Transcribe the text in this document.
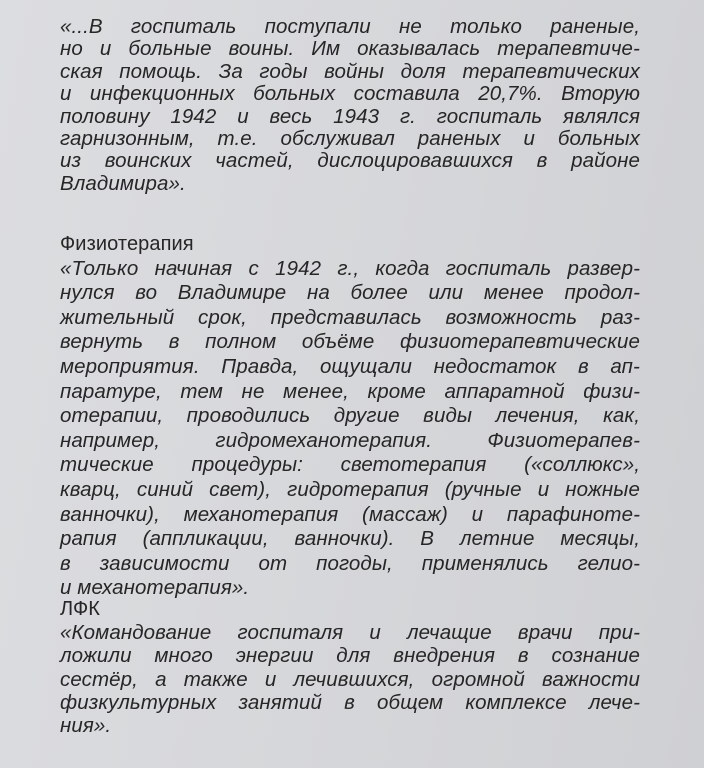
«...В госпиталь поступали не только раненые,
но и больные воины. Им оказывалась терапевтиче-
ская помощь. За годы войны доля терапевтических
и инфекционных больных составила 20,7%. Вторую
половину 1942 и весь 1943 г. госпиталь являлся
гарнизонным, т.е. обслуживал раненых и больных
из воинских частей, дислоцировавшихся в районе
Владимира».
Физиотерапия
«Только начиная с 1942 г., когда госпиталь развер-
нулся во Владимире на более или менее продол-
жительный срок, представилась возможность раз-
вернуть в полном объёме физиотерапевтические
мероприятия. Правда, ощущали недостаток в ап-
паратуре, тем не менее, кроме аппаратной физи-
отерапии, проводились другие виды лечения, как,
например, гидромеханотерапия. Физиотерапев-
тические процедуры: светотерапия («соллюкс»,
кварц, синий свет), гидротерапия (ручные и ножные
ванночки), механотерапия (массаж) и парафиноте-
рапия (аппликации, ванночки). В летние месяцы,
в зависимости от погоды, применялись гелио-
и механотерапия».
ЛФК
«Командование госпиталя и лечащие врачи при-
ложили много энергии для внедрения в сознание
сестёр, а также и лечившихся, огромной важности
физкультурных занятий в общем комплексе лече-
ния».
